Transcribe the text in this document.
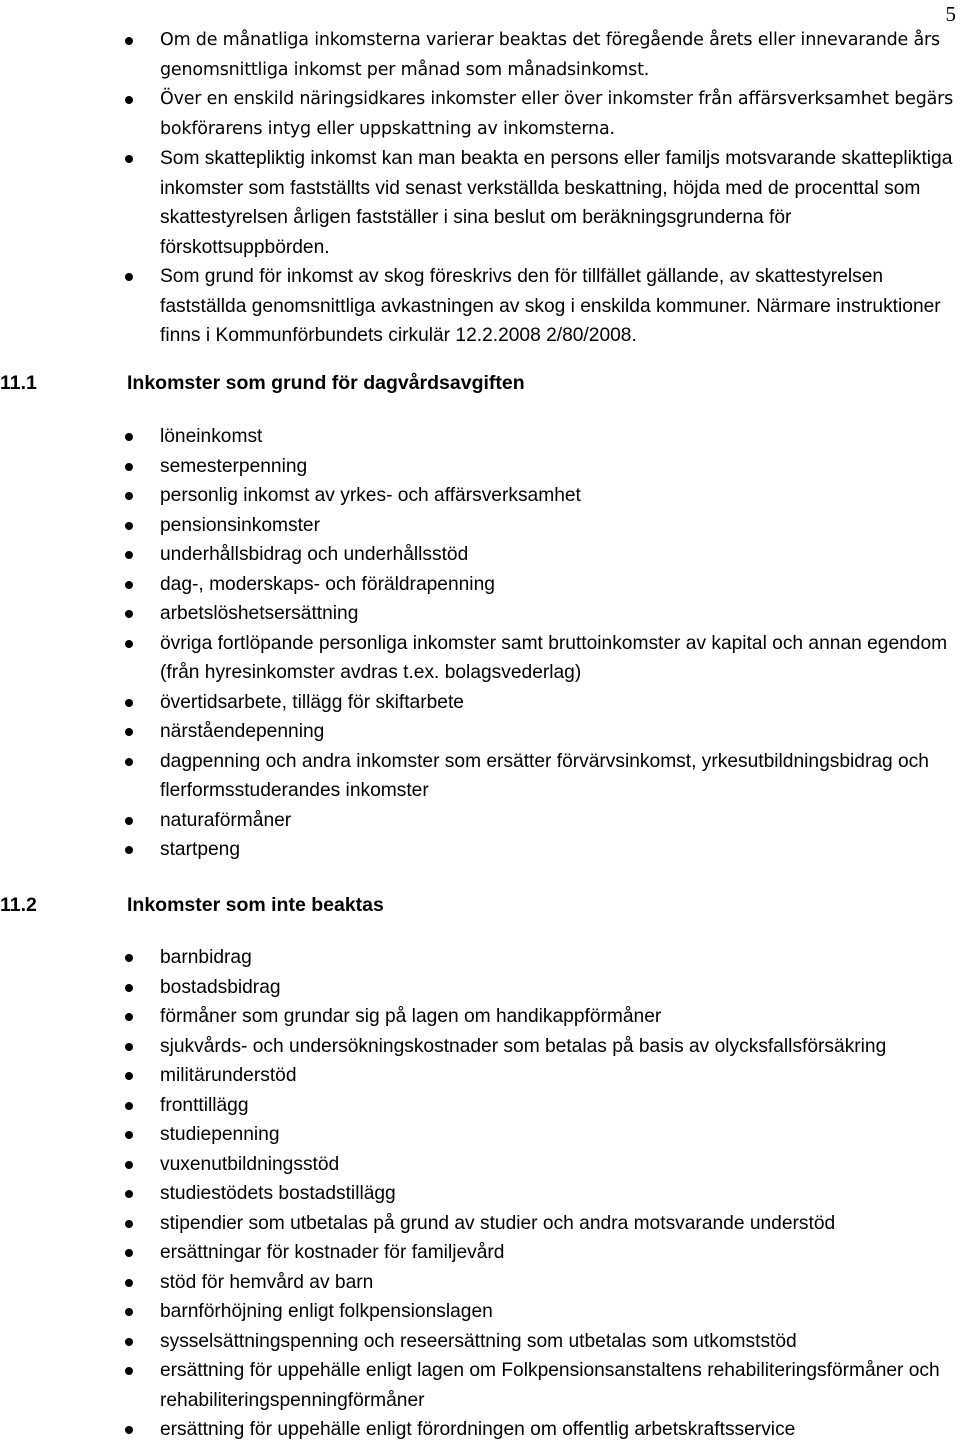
5
Om de månatliga inkomsterna varierar beaktas det föregående årets eller innevarande års genomsnittliga inkomst per månad som månadsinkomst.
Över en enskild näringsidkares inkomster eller över inkomster från affärsverksamhet begärs bokförarens intyg eller uppskattning av inkomsterna.
Som skattepliktig inkomst kan man beakta en persons eller familjs motsvarande skattepliktiga inkomster som fastställts vid senast verkställda beskattning, höjda med de procenttal som skattestyrelsen årligen fastställer i sina beslut om beräkningsgrunderna för förskottsuppbörden.
Som grund för inkomst av skog föreskrivs den för tillfället gällande, av skattestyrelsen fastställda genomsnittliga avkastningen av skog i enskilda kommuner. Närmare instruktioner finns i Kommunförbundets cirkulär 12.2.2008 2/80/2008.
11.1	Inkomster som grund för dagvårdsavgiften
löneinkomst
semesterpenning
personlig inkomst av yrkes- och affärsverksamhet
pensionsinkomster
underhållsbidrag och underhållsstöd
dag-, moderskaps- och föräldrapenning
arbetslöshetsersättning
övriga fortlöpande personliga inkomster samt bruttoinkomster av kapital och annan egendom (från hyresinkomster avdras t.ex. bolagsvederlag)
övertidsarbete, tillägg för skiftarbete
närståendepenning
dagpenning och andra inkomster som ersätter förvärvsinkomst, yrkesutbildningsbidrag och flerformsstuderandes inkomster
naturaförmåner
startpeng
11.2	Inkomster som inte beaktas
barnbidrag
bostadsbidrag
förmåner som grundar sig på lagen om handikappförmåner
sjukvårds- och undersökningskostnader som betalas på basis av olycksfallsförsäkring
militärunderstöd
fronttillägg
studiepenning
vuxenutbildningsstöd
studiestödets bostadstillägg
stipendier som utbetalas på grund av studier och andra motsvarande understöd
ersättningar för kostnader för familjevård
stöd för hemvård av barn
barnförhöjning enligt folkpensionslagen
sysselsättningspenning och reseersättning som utbetalas som utkomststöd
ersättning för uppehälle enligt lagen om Folkpensionsanstaltens rehabiliteringsförmåner och rehabiliteringspenningförmåner
ersättning för uppehälle enligt förordningen om offentlig arbetskraftsservice
